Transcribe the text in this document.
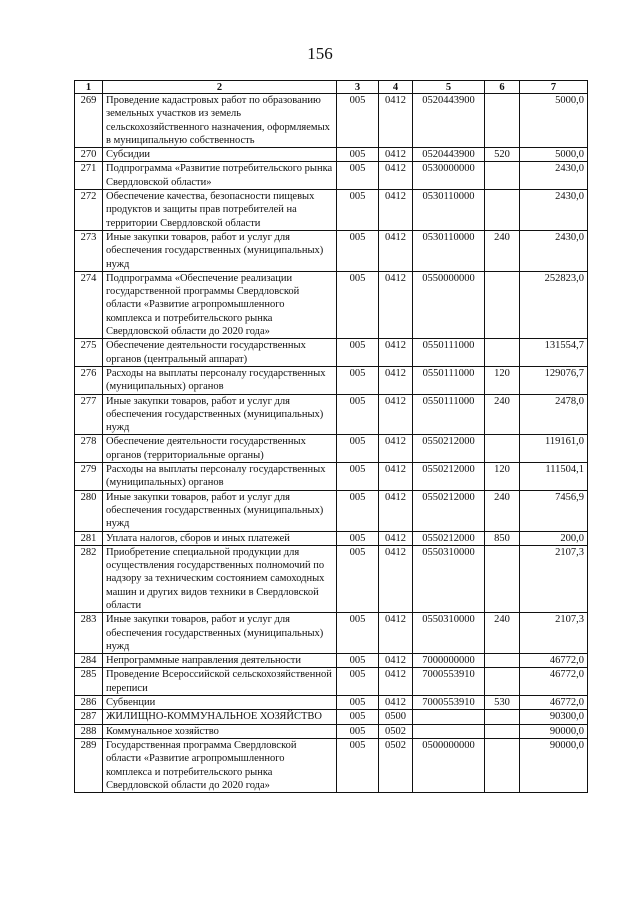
156
1	2	3	4	5	6	7
269	Проведение кадастровых работ по образованию земельных участков из земель сельскохозяйственного назначения, оформляемых в муниципальную собственность	005	0412	0520443900		5000,0
270	Субсидии	005	0412	0520443900	520	5000,0
271	Подпрограмма «Развитие потребительского рынка Свердловской области»	005	0412	0530000000		2430,0
272	Обеспечение качества, безопасности пищевых продуктов и защиты прав потребителей на территории Свердловской области	005	0412	0530110000		2430,0
273	Иные закупки товаров, работ и услуг для обеспечения государственных (муниципальных) нужд	005	0412	0530110000	240	2430,0
274	Подпрограмма «Обеспечение реализации государственной программы Свердловской области «Развитие агропромышленного комплекса и потребительского рынка Свердловской области до 2020 года»	005	0412	0550000000		252823,0
275	Обеспечение деятельности государственных органов (центральный аппарат)	005	0412	0550111000		131554,7
276	Расходы на выплаты персоналу государственных (муниципальных) органов	005	0412	0550111000	120	129076,7
277	Иные закупки товаров, работ и услуг для обеспечения государственных (муниципальных) нужд	005	0412	0550111000	240	2478,0
278	Обеспечение деятельности государственных органов (территориальные органы)	005	0412	0550212000		119161,0
279	Расходы на выплаты персоналу государственных (муниципальных) органов	005	0412	0550212000	120	111504,1
280	Иные закупки товаров, работ и услуг для обеспечения государственных (муниципальных) нужд	005	0412	0550212000	240	7456,9
281	Уплата налогов, сборов и иных платежей	005	0412	0550212000	850	200,0
282	Приобретение специальной продукции для осуществления государственных полномочий по надзору за техническим состоянием самоходных машин и других видов техники в Свердловской области	005	0412	0550310000		2107,3
283	Иные закупки товаров, работ и услуг для обеспечения государственных (муниципальных) нужд	005	0412	0550310000	240	2107,3
284	Непрограммные направления деятельности	005	0412	7000000000		46772,0
285	Проведение Всероссийской сельскохозяйственной переписи	005	0412	7000553910		46772,0
286	Субвенции	005	0412	7000553910	530	46772,0
287	ЖИЛИЩНО-КОММУНАЛЬНОЕ ХОЗЯЙСТВО	005	0500			90300,0
288	Коммунальное хозяйство	005	0502			90000,0
289	Государственная программа Свердловской области «Развитие агропромышленного комплекса и потребительского рынка Свердловской области до 2020 года»	005	0502	0500000000		90000,0
